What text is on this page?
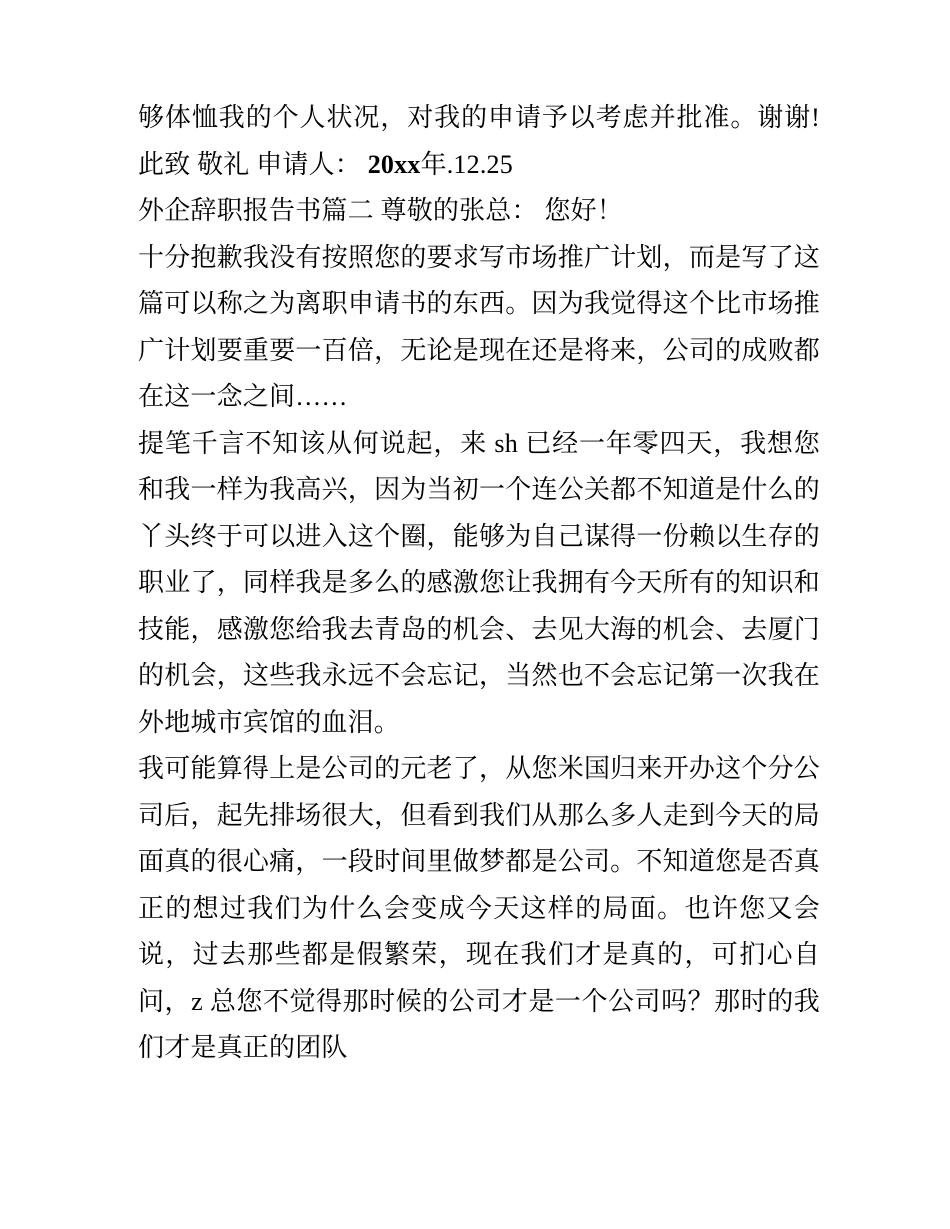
够体恤我的个人状况，对我的申请予以考虑并批准。谢谢! 此致 敬礼 申请人： 20xx年.12.25

外企辞职报告书篇二 尊敬的张总： 您好！

十分抱歉我没有按照您的要求写市场推广计划，而是写了这篇可以称之为离职申请书的东西。因为我觉得这个比市场推广计划要重要一百倍，无论是现在还是将来，公司的成败都在这一念之间……

提笔千言不知该从何说起，来 sh 已经一年零四天，我想您和我一样为我高兴，因为当初一个连公关都不知道是什么的丫头终于可以进入这个圈，能够为自己谋得一份赖以生存的职业了，同样我是多么的感激您让我拥有今天所有的知识和技能，感激您给我去青岛的机会、去见大海的机会、去厦门的机会，这些我永远不会忘记，当然也不会忘记第一次我在外地城市宾馆的血泪。

我可能算得上是公司的元老了，从您米国归来开办这个分公司后，起先排场很大，但看到我们从那么多人走到今天的局面真的很心痛，一段时间里做梦都是公司。不知道您是否真正的想过我们为什么会变成今天这样的局面。也许您又会说，过去那些都是假繁荣，现在我们才是真的，可扪心自问，z 总您不觉得那时候的公司才是一个公司吗？那时的我们才是真正的团队
